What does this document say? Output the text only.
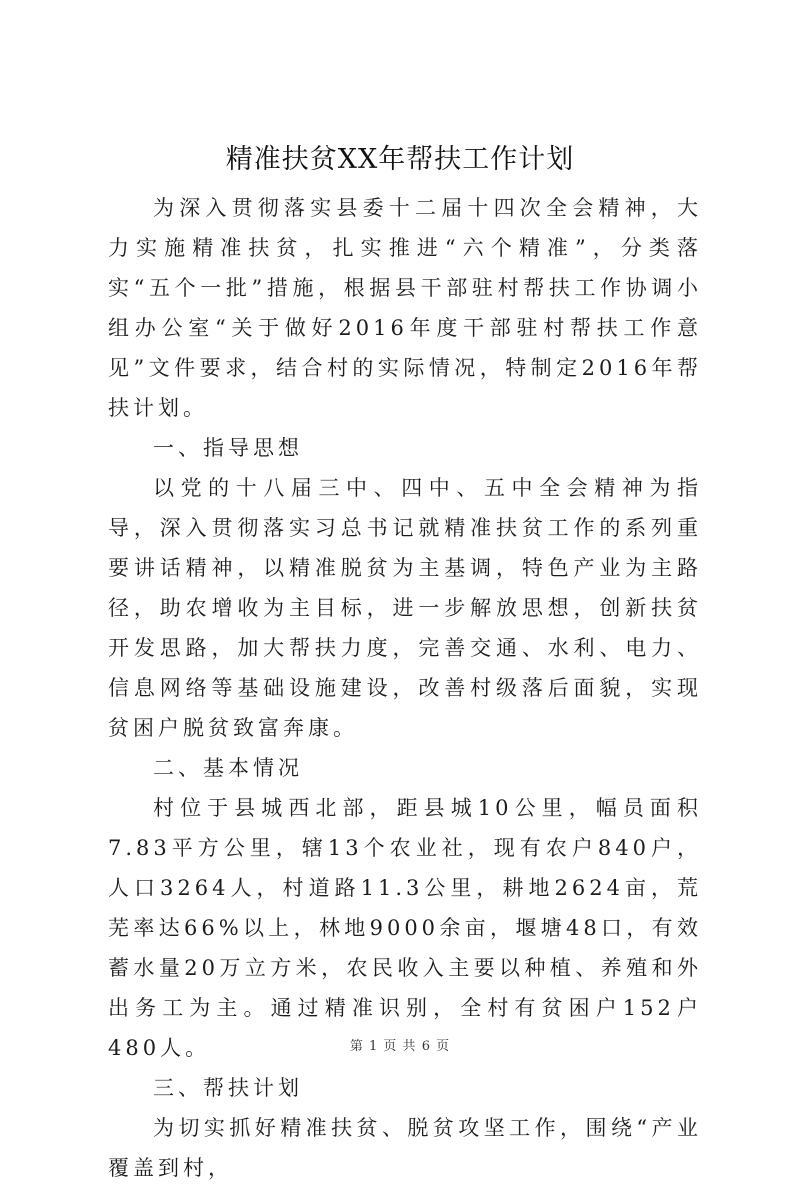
精准扶贫XX年帮扶工作计划

为深入贯彻落实县委十二届十四次全会精神，大力实施精准扶贫，扎实推进“六个精准”，分类落实“五个一批”措施，根据县干部驻村帮扶工作协调小组办公室“关于做好2016年度干部驻村帮扶工作意见”文件要求，结合村的实际情况，特制定2016年帮扶计划。

一、指导思想

以党的十八届三中、四中、五中全会精神为指导，深入贯彻落实习总书记就精准扶贫工作的系列重要讲话精神，以精准脱贫为主基调，特色产业为主路径，助农增收为主目标，进一步解放思想，创新扶贫开发思路，加大帮扶力度，完善交通、水利、电力、信息网络等基础设施建设，改善村级落后面貌，实现贫困户脱贫致富奔康。

二、基本情况

村位于县城西北部，距县城10公里，幅员面积7.83平方公里，辖13个农业社，现有农户840户，人口3264人，村道路11.3公里，耕地2624亩，荒芜率达66%以上，林地9000余亩，堰塘48口，有效蓄水量20万立方米，农民收入主要以种植、养殖和外出务工为主。通过精准识别，全村有贫困户152户480人。

三、帮扶计划

为切实抓好精准扶贫、脱贫攻坚工作，围绕“产业覆盖到村，

第 1 页 共 6 页
